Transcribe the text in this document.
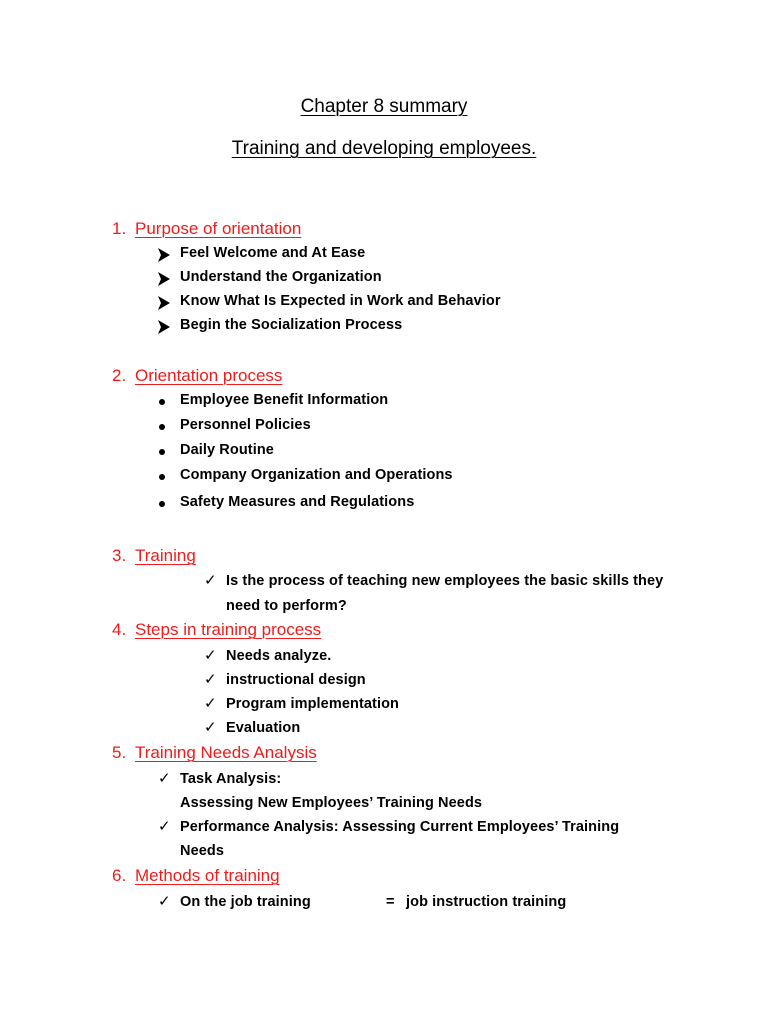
Chapter 8 summary
Training and developing employees.
1. Purpose of orientation
Feel Welcome and At Ease
Understand the Organization
Know What Is Expected in Work and Behavior
Begin the Socialization Process
2. Orientation process
Employee Benefit Information
Personnel Policies
Daily Routine
Company Organization and Operations
Safety Measures and Regulations
3. Training
✓ Is the process of teaching new employees the basic skills they
need to perform?
4. Steps in training process
✓ Needs analyze.
✓ instructional design
✓ Program implementation
✓ Evaluation
5. Training Needs Analysis
✓ Task Analysis:
Assessing New Employees’ Training Needs
✓ Performance Analysis: Assessing Current Employees’ Training
Needs
6. Methods of training
✓ On the job training	= job instruction training
